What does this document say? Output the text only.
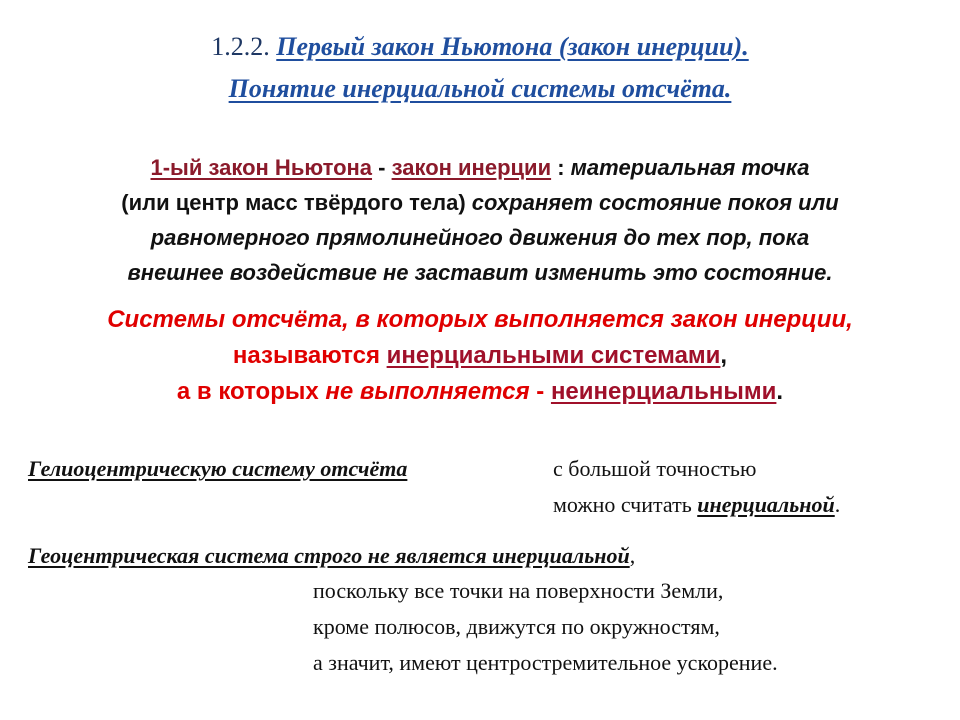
1.2.2. Первый закон Ньютона (закон инерции).
Понятие инерциальной системы отсчёта.
1-ый закон Ньютона - закон инерции : материальная точка
(или центр масс твёрдого тела) сохраняет состояние покоя или
равномерного прямолинейного движения до тех пор, пока
внешнее воздействие не заставит изменить это состояние.
Системы отсчёта, в которых выполняется закон инерции,
называются инерциальными системами,
а в которых не выполняется - неинерциальными.
Гелиоцентрическую систему отсчёта	с большой точностью
можно считать инерциальной.
Геоцентрическая система строго не является инерциальной,
поскольку все точки на поверхности Земли,
кроме полюсов, движутся по окружностям,
а значит, имеют центростремительное ускорение.
